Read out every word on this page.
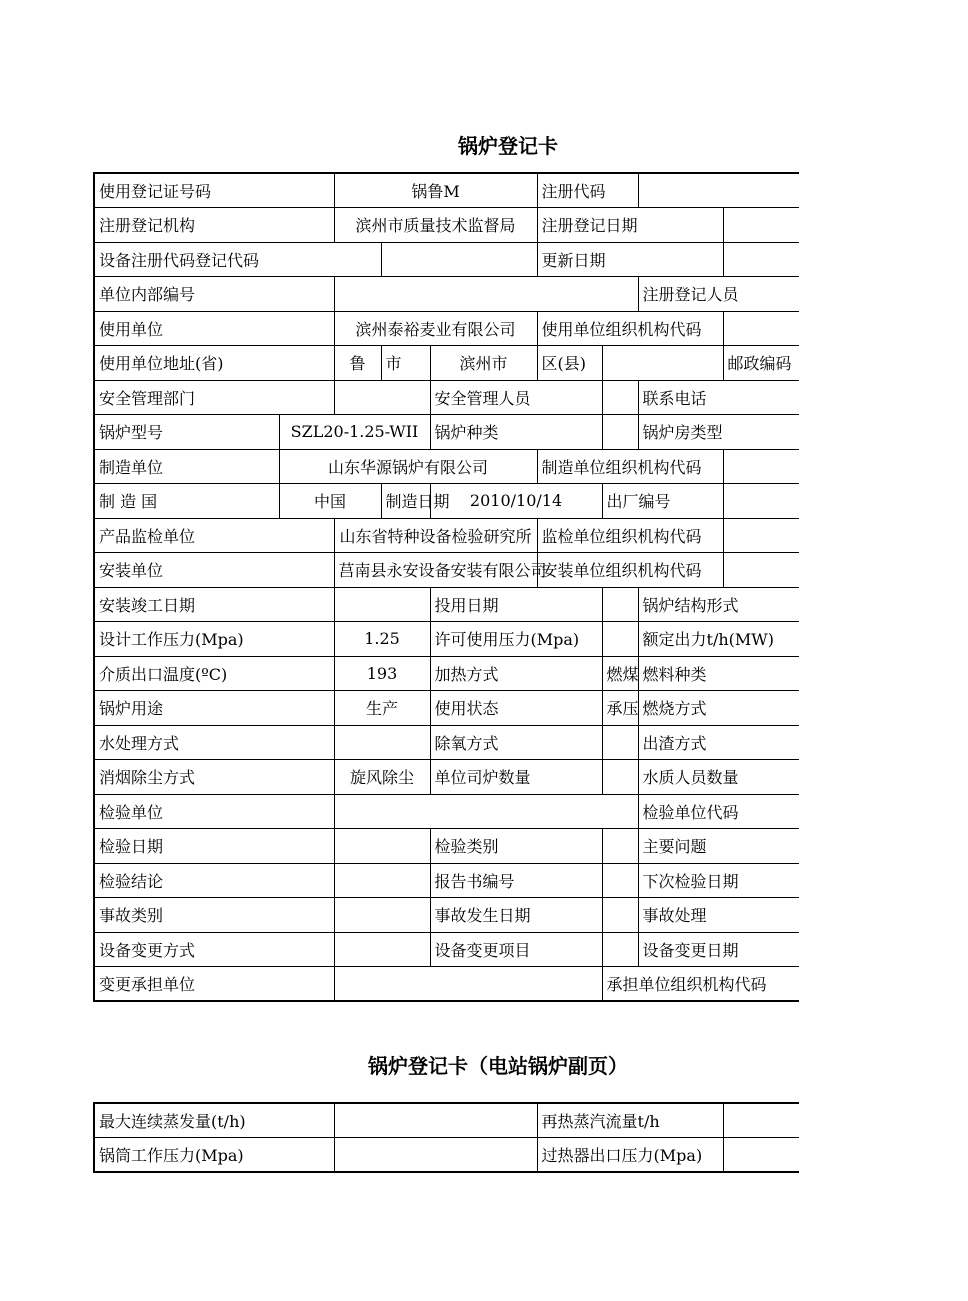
锅炉登记卡
使用登记证号码		锅鲁M			注册代码			
注册登记机构		滨州市质量技术监督局			注册登记日期			
设备注册代码登记代码					更新日期			
单位内部编号							注册登记人员	
使用单位		滨州泰裕麦业有限公司			使用单位组织机构代码			
使用单位地址(省)		鲁	市	滨州市	区(县)			邮政编码
安全管理部门				安全管理人员			联系电话	
锅炉型号	SZL20-1.25-WII			锅炉种类			锅炉房类型	
制造单位	山东华源锅炉有限公司				制造单位组织机构代码			
制 造 国	中国		制造日期	2010/10/14		出厂编号		
产品监检单位		山东省特种设备检验研究所			监检单位组织机构代码			
安装单位		莒南县永安设备安装有限公司			安装单位组织机构代码			
安装竣工日期				投用日期			锅炉结构形式	
设计工作压力(Mpa)		1.25		许可使用压力(Mpa)			额定出力t/h(MW)	
介质出口温度(ºC)		193		加热方式		燃煤	燃料种类	
锅炉用途		生产		使用状态		承压	燃烧方式	
水处理方式				除氧方式			出渣方式	
消烟除尘方式		旋风除尘		单位司炉数量			水质人员数量	
检验单位							检验单位代码	
检验日期				检验类别			主要问题	
检验结论				报告书编号			下次检验日期	
事故类别				事故发生日期			事故处理	
设备变更方式				设备变更项目			设备变更日期	
变更承担单位						承担单位组织机构代码		
锅炉登记卡（电站锅炉副页）
最大连续蒸发量(t/h)		再热蒸汽流量t/h	
锅筒工作压力(Mpa)		过热器出口压力(Mpa)	
